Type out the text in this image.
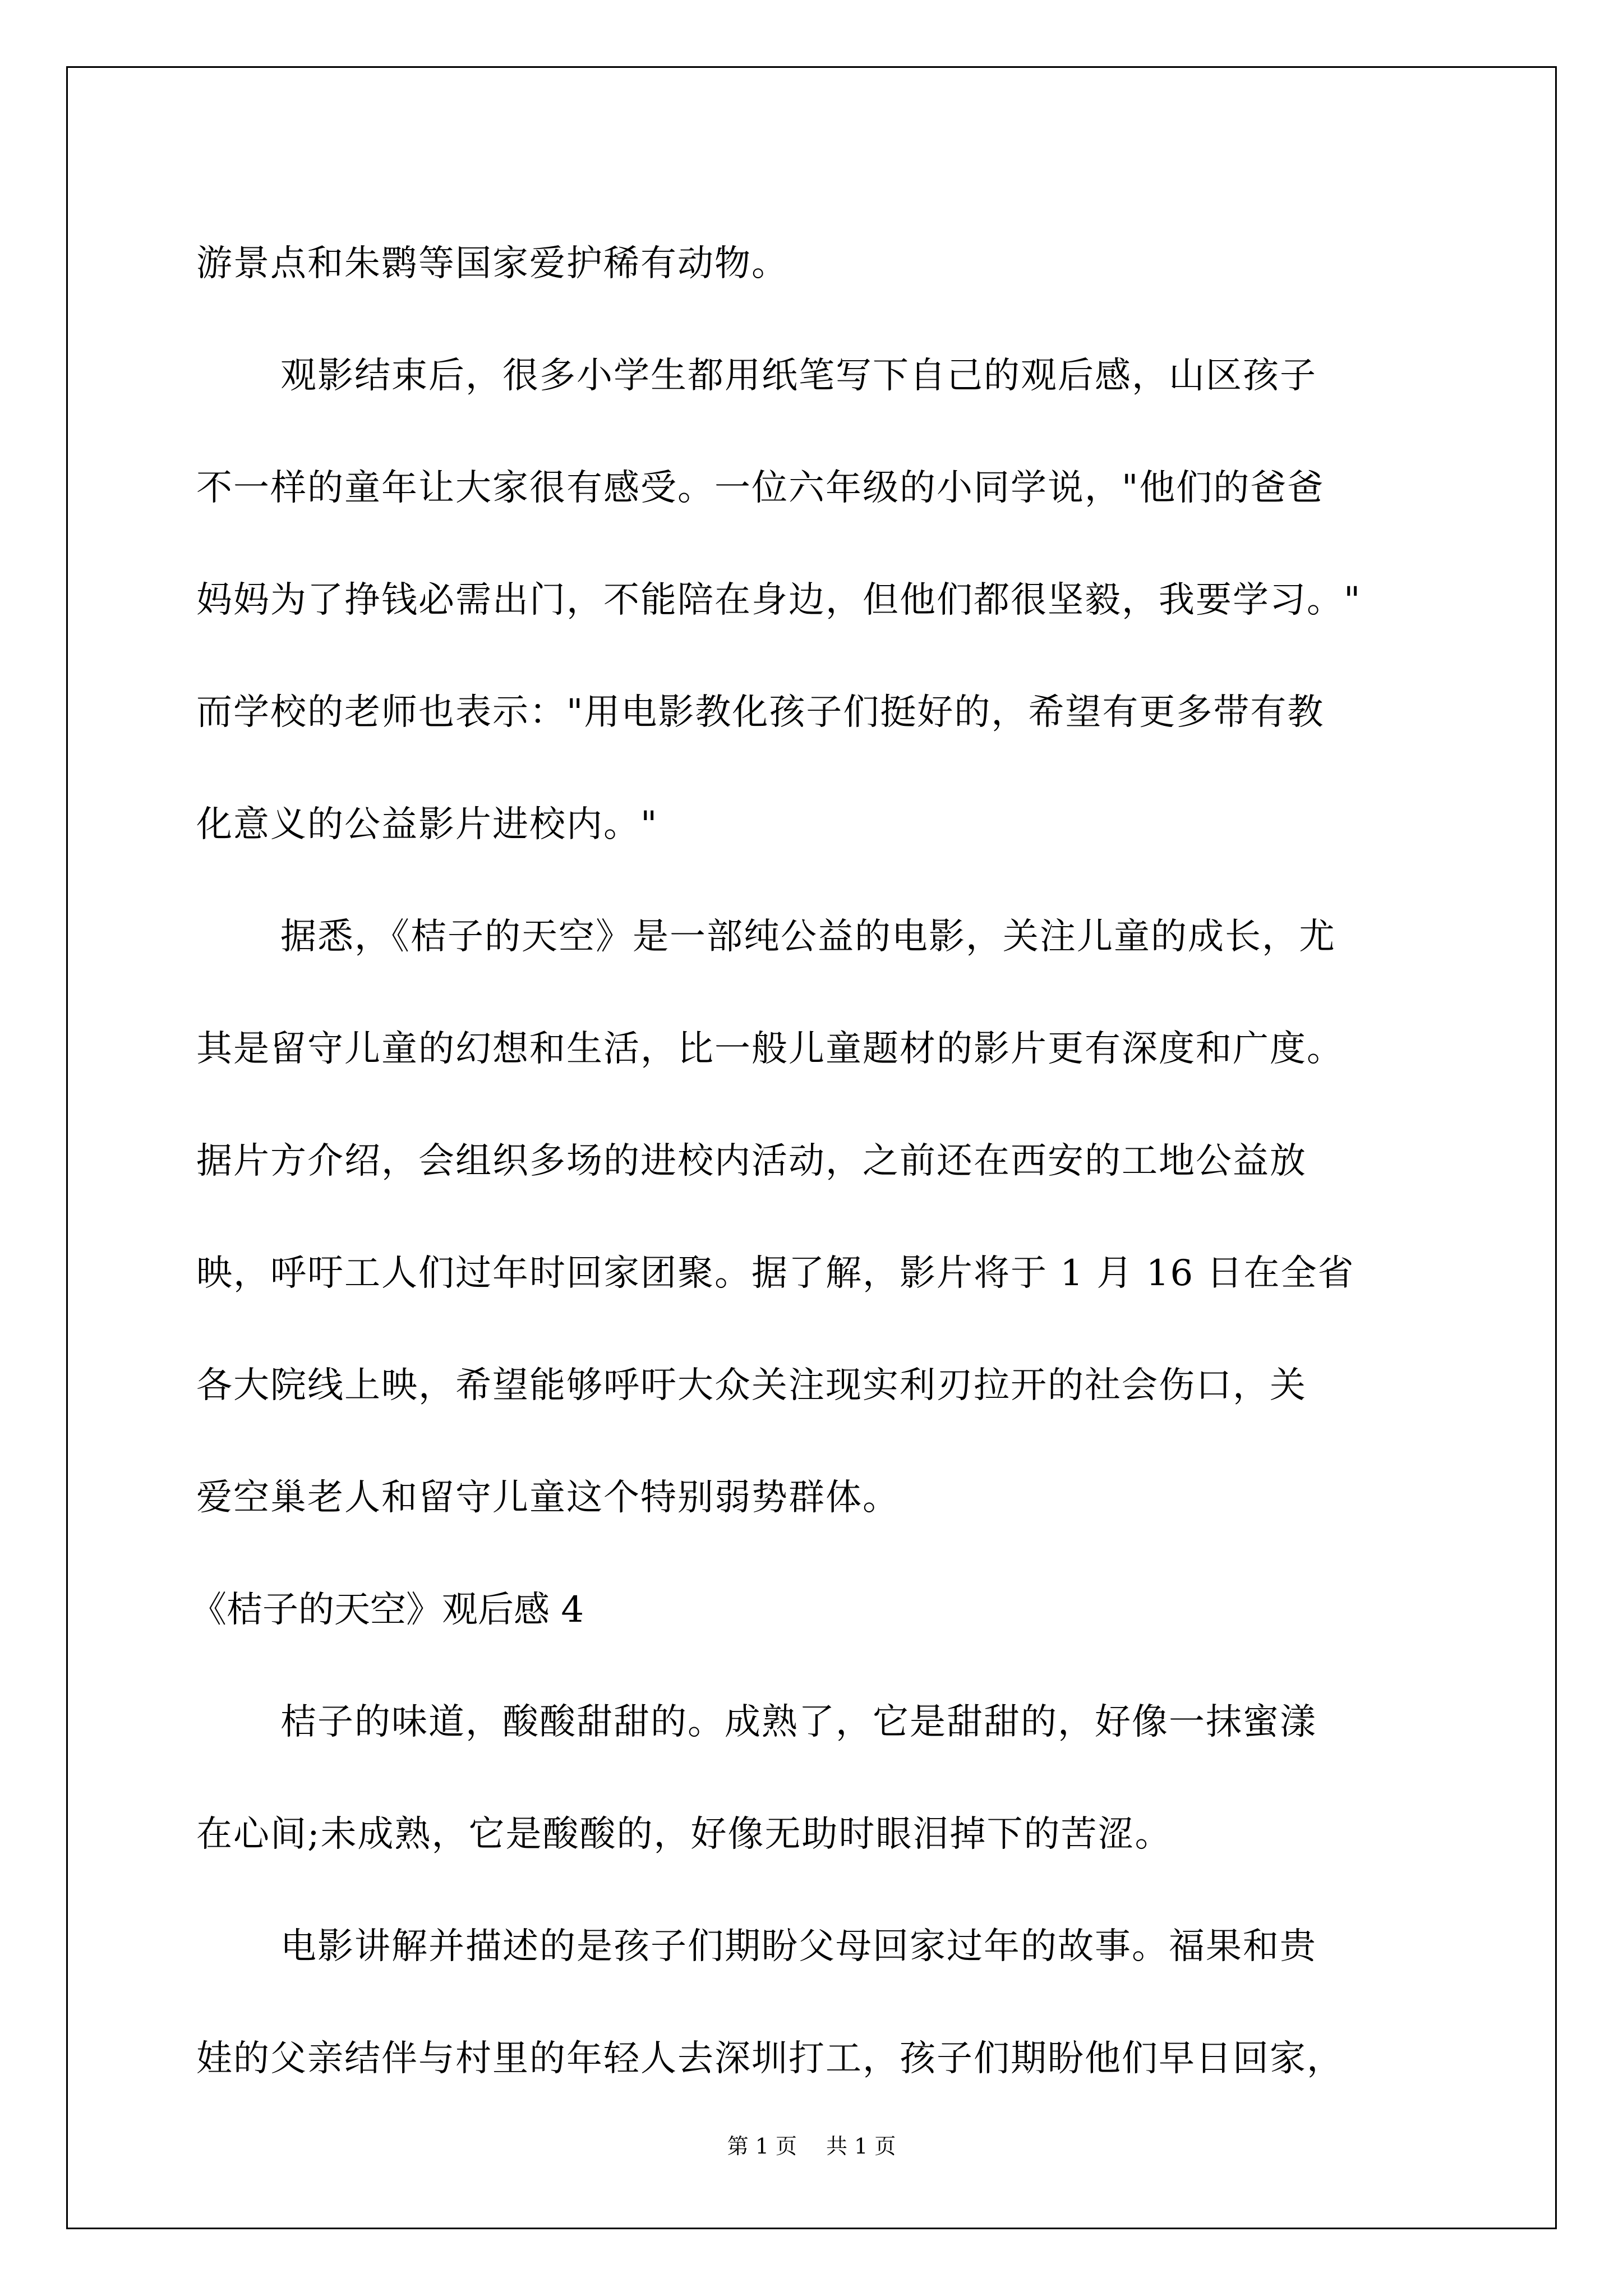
游景点和朱鹮等国家爱护稀有动物。
观影结束后，很多小学生都用纸笔写下自己的观后感，山区孩子
不一样的童年让大家很有感受。一位六年级的小同学说，"他们的爸爸
妈妈为了挣钱必需出门，不能陪在身边，但他们都很坚毅，我要学习。"
而学校的老师也表示："用电影教化孩子们挺好的，希望有更多带有教
化意义的公益影片进校内。"
据悉，《桔子的天空》是一部纯公益的电影，关注儿童的成长，尤
其是留守儿童的幻想和生活，比一般儿童题材的影片更有深度和广度。
据片方介绍，会组织多场的进校内活动，之前还在西安的工地公益放
映，呼吁工人们过年时回家团聚。据了解，影片将于 1 月 16 日在全省
各大院线上映，希望能够呼吁大众关注现实利刃拉开的社会伤口，关
爱空巢老人和留守儿童这个特别弱势群体。
《桔子的天空》观后感 4
桔子的味道，酸酸甜甜的。成熟了，它是甜甜的，好像一抹蜜漾
在心间;未成熟，它是酸酸的，好像无助时眼泪掉下的苦涩。
电影讲解并描述的是孩子们期盼父母回家过年的故事。福果和贵
娃的父亲结伴与村里的年轻人去深圳打工，孩子们期盼他们早日回家，
第 1 页 共 1 页
